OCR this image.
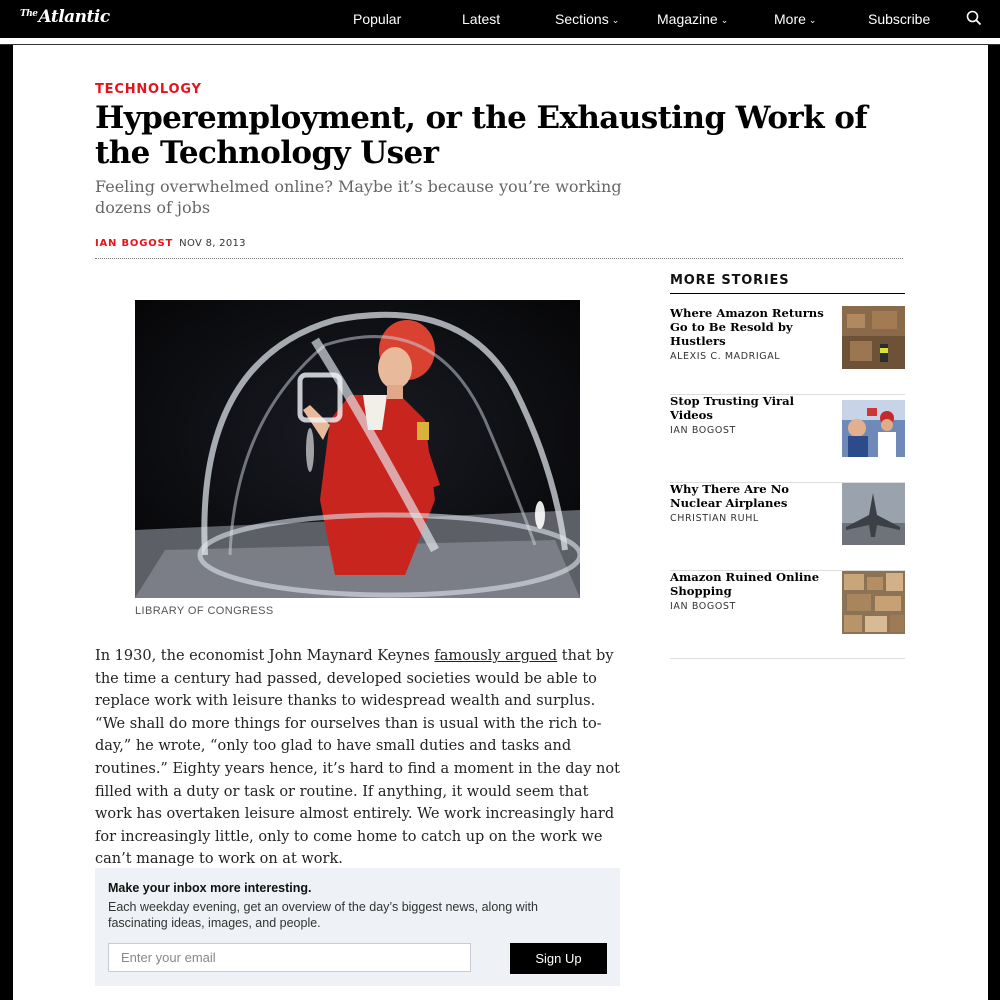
$^{The}$Atlantic	Popular	Latest	Sections ⌄	Magazine ⌄	More ⌄	Subscribe
TECHNOLOGY
Hyperemployment, or the Exhausting Work of the Technology User

Feeling overwhelmed online? Maybe it’s because you’re working dozens of jobs

IAN BOGOST NOV 8, 2013
LIBRARY OF CONGRESS

In 1930, the economist John Maynard Keynes famously argued that by the time a century had passed, developed societies would be able to replace work with leisure thanks to widespread wealth and surplus. “We shall do more things for ourselves than is usual with the rich to-day,” he wrote, “only too glad to have small duties and tasks and routines.” Eighty years hence, it’s hard to find a moment in the day not filled with a duty or task or routine. If anything, it would seem that work has overtaken leisure almost entirely. We work increasingly hard for increasingly little, only to come home to catch up on the work we can’t manage to work on at work.

Make your inbox more interesting.
Each weekday evening, get an overview of the day’s biggest news, along with fascinating ideas, images, and people.
Enter your email
Sign Up
MORE STORIES
Where Amazon Returns Go to Be Resold by Hustlers
ALEXIS C. MADRIGAL
Stop Trusting Viral Videos
IAN BOGOST
Why There Are No Nuclear Airplanes
CHRISTIAN RUHL
Amazon Ruined Online Shopping
IAN BOGOST
